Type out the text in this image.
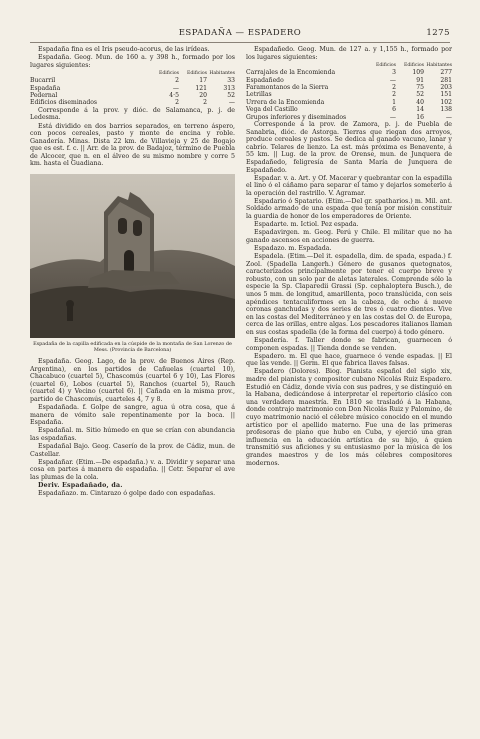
ESPADAÑA — ESPADERO	1275

Espadaña fina es el Iris pseudo-acorus, de las irídeas.

Espadaña. Geog. Mun. de 160 a. y 398 h., formado por los lugares siguientes:

	Edificios	Edificios	Habitantes
Bucarril	2	17	33
Espadaña	—	121	313
Pedernal	4·5	20	52
Edificios diseminados	2	2	—

Corresponde á la prov. y dióc. de Salamanca, p. j. de Ledesma.

Está dividido en dos barrios separados, en terreno áspero, con pocos cereales, pasto y monte de encina y roble. Ganadería. Minas. Dista 22 km. de Villavieja y 25 de Bogajo que es est. f. c. || Arr. de la prov. de Badajoz, término de Puebla de Alcocer, que n. en el álveo de su mismo nombre y corre 5 km. hasta el Guadiana.

Espadaña de la capilla edificada en la cúspide de la montaña de San Lorenzo de Mess. (Provincia de Barcelona)

Espadaña. Geog. Lago, de la prov. de Buenos Aires (Rep. Argentina), en los partidos de Cañuelas (cuartel 10), Chacabuco (cuartel 5), Chascomús (cuartel 6 y 10), Las Flores (cuartel 6), Lobos (cuartel 5), Ranchos (cuartel 5), Rauch (cuartel 4) y Vecino (cuartel 6). || Cañada en la misma prov., partido de Chascomús, cuarteles 4, 7 y 8.

Espadañada. f. Golpe de sangre, agua ú otra cosa, que á manera de vómito sale repentinamente por la boca. || Espadaña.

Espadañal. m. Sitio húmedo en que se crían con abundancia las espadañas.

Espadañal Bajo. Geog. Caserío de la prov. de Cádiz, mun. de Castellar.

Espadañar. (Etim.—De espadaña.) v. a. Dividir y separar una cosa en partes á manera de espadaña. || Cetr. Separar el ave las plumas de la cola.

Deriv. Espadañado, da.

Espadañazo. m. Cintarazo ó golpe dado con espadañas.

Espadañedo. Geog. Mun. de 127 a. y 1,155 h., formado por los lugares siguientes:

	Edificios	Edificios	Habitantes
Carrajales de la Encomienda	3	109	277
Espadañedo	—	91	281
Faramontanos de la Sierra	2	75	203
Letrillas	2	52	151
Urrera de la Encomienda	1	40	102
Vega del Castillo	6	14	138
Grupos inferiores y diseminados	—	16	—

Corresponde á la prov. de Zamora, p. j. de Puebla de Sanabria, dióc. de Astorga. Tierras que riegan dos arroyos, produce cereales y pastos. Se dedica al ganado vacuno, lanar y cabrío. Telares de lienzo. La est. más próxima es Benavente, á 55 km. || Lug. de la prov. de Orense, mun. de Junquera de Espadañedo, feligresía de Santa María de Junquera de Espadañedo.

Espadar. v. a. Art. y Of. Macerar y quebrantar con la espadilla el lino ó el cáñamo para separar el tamo y dejarlos someterlo á la operación del rastrillo. V. Agramar.

Espadario ó Spatario. (Etim.—Del gr. spatharios.) m. Mil. ant. Soldado armado de una espada que tenía por misión constituir la guardia de honor de los emperadores de Oriente.

Espadarte. m. Ictiol. Pez espada.

Espadavirgen. m. Geog. Perú y Chile. El militar que no ha ganado ascensos en acciones de guerra.

Espadazo. m. Espadada.

Espadela. (Etim.—Del it. espadella, dim. de spada, espada.) f. Zool. (Spadella Langerh.) Género de gusanos quetognatos, caracterizados principalmente por tener el cuerpo breve y robusto, con un solo par de aletas laterales. Comprende sólo la especie la Sp. Claparedii Grassi (Sp. cephaloptera Busch.), de unos 5 mm. de longitud, amarillenta, poco translúcida, con seis apéndices tentaculiformes en la cabeza, de ocho á nueve coronas ganchudas y dos series de tres ó cuatro dientes. Vive en las costas del Mediterráneo y en las costas del O. de Europa, cerca de las orillas, entre algas. Los pescadores italianos llaman en sus costas spadella (de la forma del cuerpo) á todo género.

Espadería. f. Taller donde se fabrican, guarnecen ó componen espadas. || Tienda donde se venden.

Espadero. m. El que hace, guarnece ó vende espadas. || El que las vende. || Germ. El que fabrica llaves falsas.

Espadero (Dolores). Biog. Pianista español del siglo xix, madre del pianista y compositor cubano Nicolás Ruiz Espadero. Estudió en Cádiz, donde vivía con sus padres, y se distinguió en la Habana, dedicándose á interpretar el repertorio clásico con una verdadera maestría. En 1810 se trasladó á la Habana, donde contrajo matrimonio con Don Nicolás Ruiz y Palomino, de cuyo matrimonio nació el célebre músico conocido en el mundo artístico por el apellido materno. Fue una de las primeras profesoras de piano que hubo en Cuba, y ejerció una gran influencia en la educación artística de su hijo, á quien transmitió sus aficiones y su entusiasmo por la música de los grandes maestros y de los más célebres compositores modernos.
